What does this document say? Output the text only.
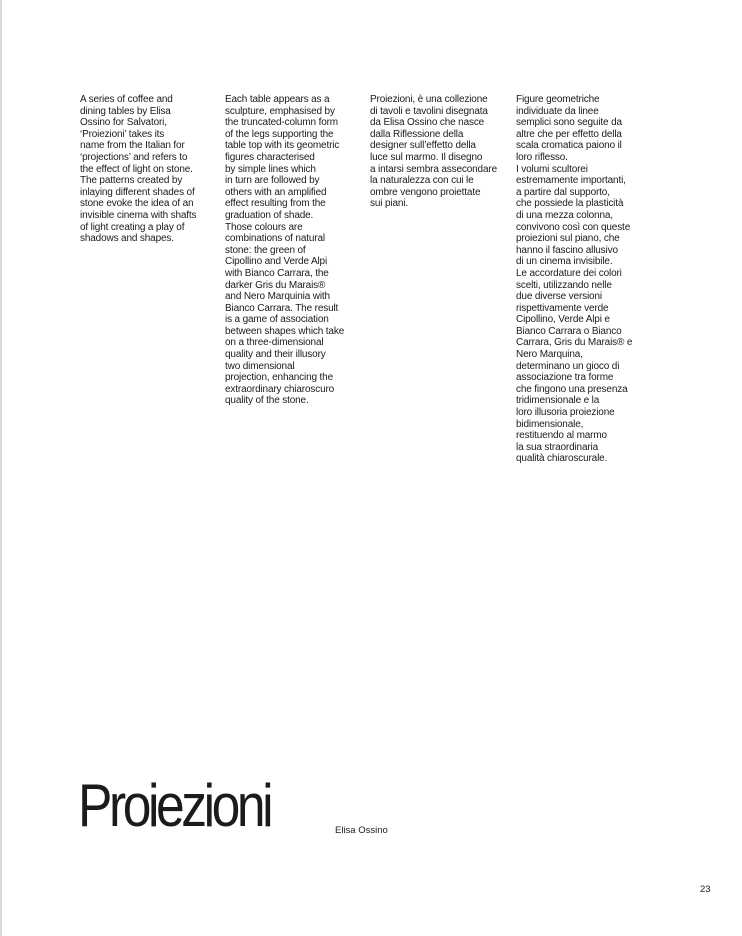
A series of coffee and
dining tables by Elisa
Ossino for Salvatori,
‘Proiezioni’ takes its
name from the Italian for
‘projections’ and refers to
the effect of light on stone.
The patterns created by
inlaying different shades of
stone evoke the idea of an
invisible cinema with shafts
of light creating a play of
shadows and shapes.

Each table appears as a
sculpture, emphasised by
the truncated-column form
of the legs supporting the
table top with its geometric
figures characterised
by simple lines which
in turn are followed by
others with an amplified
effect resulting from the
graduation of shade.
Those colours are
combinations of natural
stone: the green of
Cipollino and Verde Alpi
with Bianco Carrara, the
darker Gris du Marais®
and Nero Marquinia with
Bianco Carrara. The result
is a game of association
between shapes which take
on a three-dimensional
quality and their illusory
two dimensional
projection, enhancing the
extraordinary chiaroscuro
quality of the stone.

Proiezioni, è una collezione
di tavoli e tavolini disegnata
da Elisa Ossino che nasce
dalla Riflessione della
designer sull’effetto della
luce sul marmo. Il disegno
a intarsi sembra assecondare
la naturalezza con cui le
ombre vengono proiettate
sui piani.

Figure geometriche
individuate da linee
semplici sono seguite da
altre che per effetto della
scala cromatica paiono il
loro riflesso.
I volumi scultorei
estremamente importanti,
a partire dal supporto,
che possiede la plasticità
di una mezza colonna,
convivono così con queste
proiezioni sul piano, che
hanno il fascino allusivo
di un cinema invisibile.
Le accordature dei colori
scelti, utilizzando nelle
due diverse versioni
rispettivamente verde
Cipollino, Verde Alpi e
Bianco Carrara o Bianco
Carrara, Gris du Marais® e
Nero Marquina,
determinano un gioco di
associazione tra forme
che fingono una presenza
tridimensionale e la
loro illusoria proiezione
bidimensionale,
restituendo al marmo
la sua straordinaria
qualità chiaroscurale.

Proiezioni	Elisa Ossino
23
